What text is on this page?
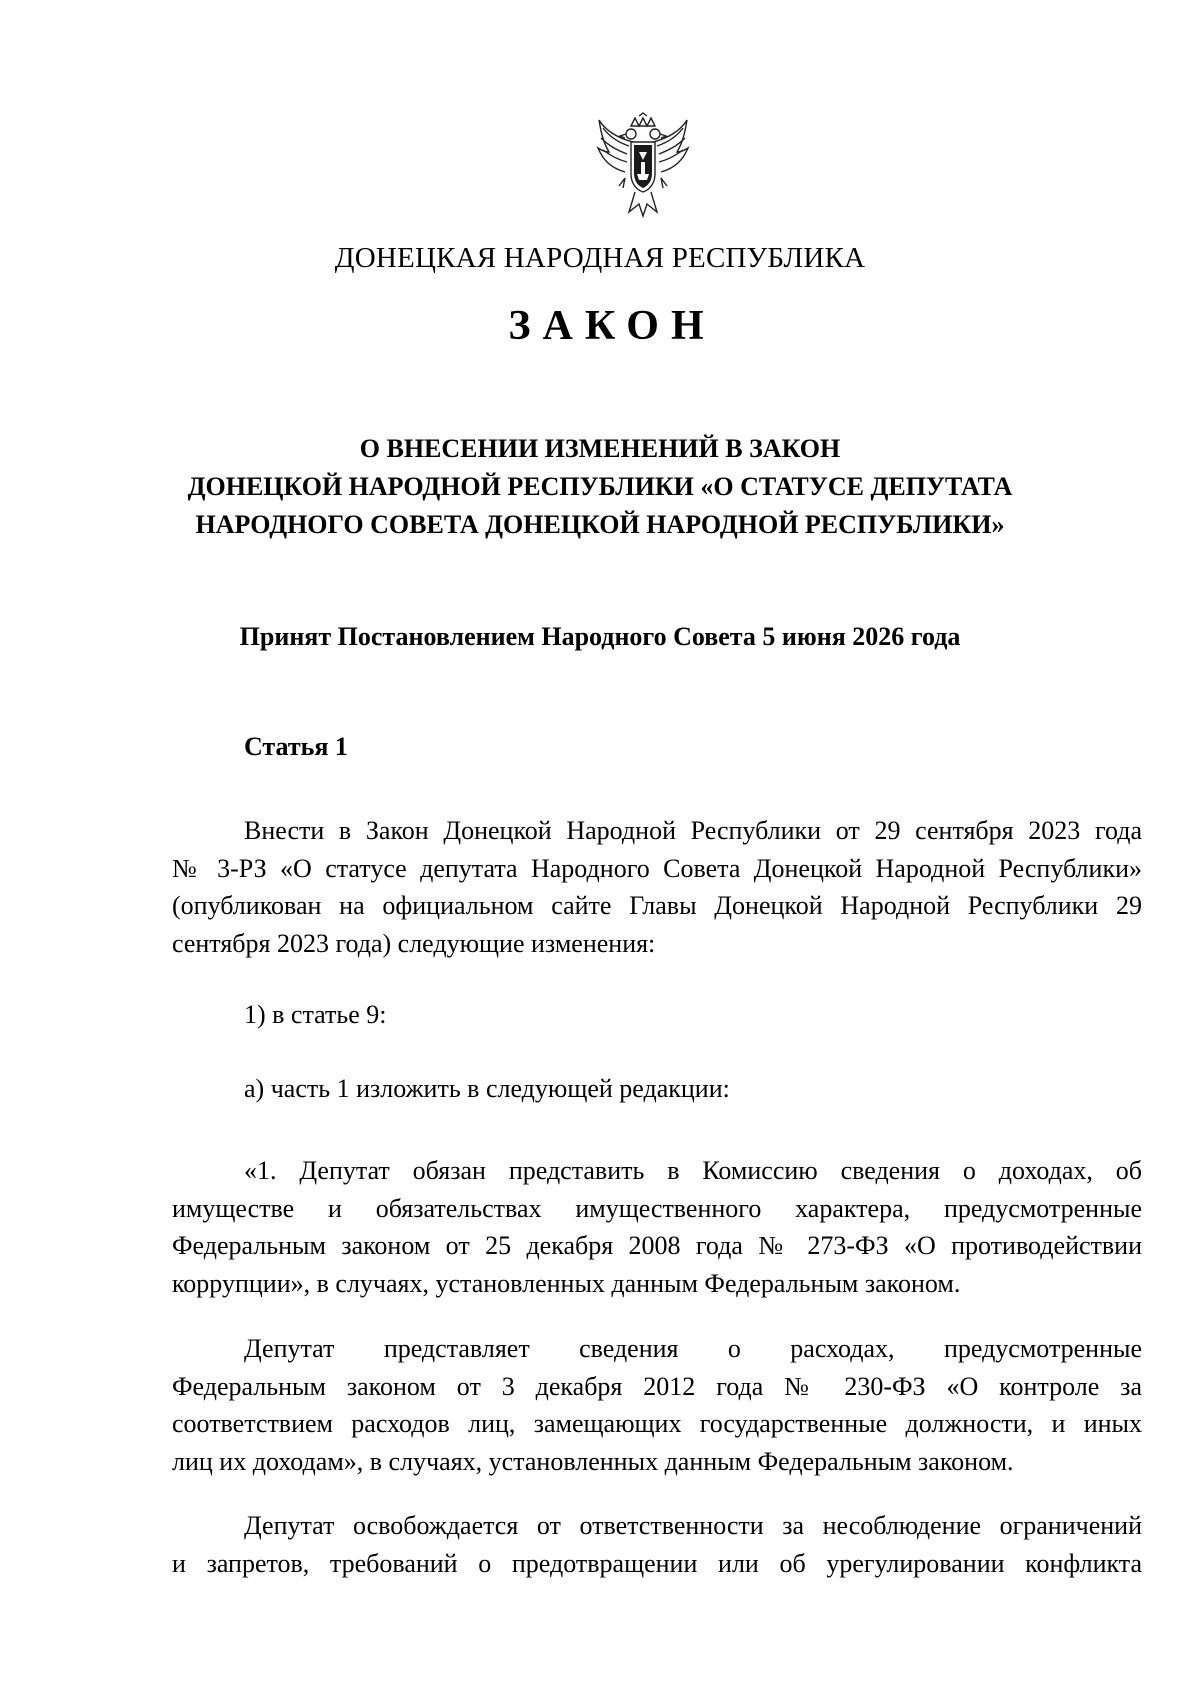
ДОНЕЦКАЯ НАРОДНАЯ РЕСПУБЛИКА
ЗАКОН
О ВНЕСЕНИИ ИЗМЕНЕНИЙ В ЗАКОН
ДОНЕЦКОЙ НАРОДНОЙ РЕСПУБЛИКИ «О СТАТУСЕ ДЕПУТАТА
НАРОДНОГО СОВЕТА ДОНЕЦКОЙ НАРОДНОЙ РЕСПУБЛИКИ»
Принят Постановлением Народного Совета 5 июня 2026 года
Статья 1
Внести в Закон Донецкой Народной Республики от 29 сентября 2023 года
№ 3-РЗ «О статусе депутата Народного Совета Донецкой Народной Республики»
(опубликован на официальном сайте Главы Донецкой Народной Республики 29
сентября 2023 года) следующие изменения:
1) в статье 9:
а) часть 1 изложить в следующей редакции:
«1. Депутат обязан представить в Комиссию сведения о доходах, об
имуществе и обязательствах имущественного характера, предусмотренные
Федеральным законом от 25 декабря 2008 года № 273-ФЗ «О противодействии
коррупции», в случаях, установленных данным Федеральным законом.
Депутат представляет сведения о расходах, предусмотренные
Федеральным законом от 3 декабря 2012 года № 230-ФЗ «О контроле за
соответствием расходов лиц, замещающих государственные должности, и иных
лиц их доходам», в случаях, установленных данным Федеральным законом.
Депутат освобождается от ответственности за несоблюдение ограничений
и запретов, требований о предотвращении или об урегулировании конфликта
